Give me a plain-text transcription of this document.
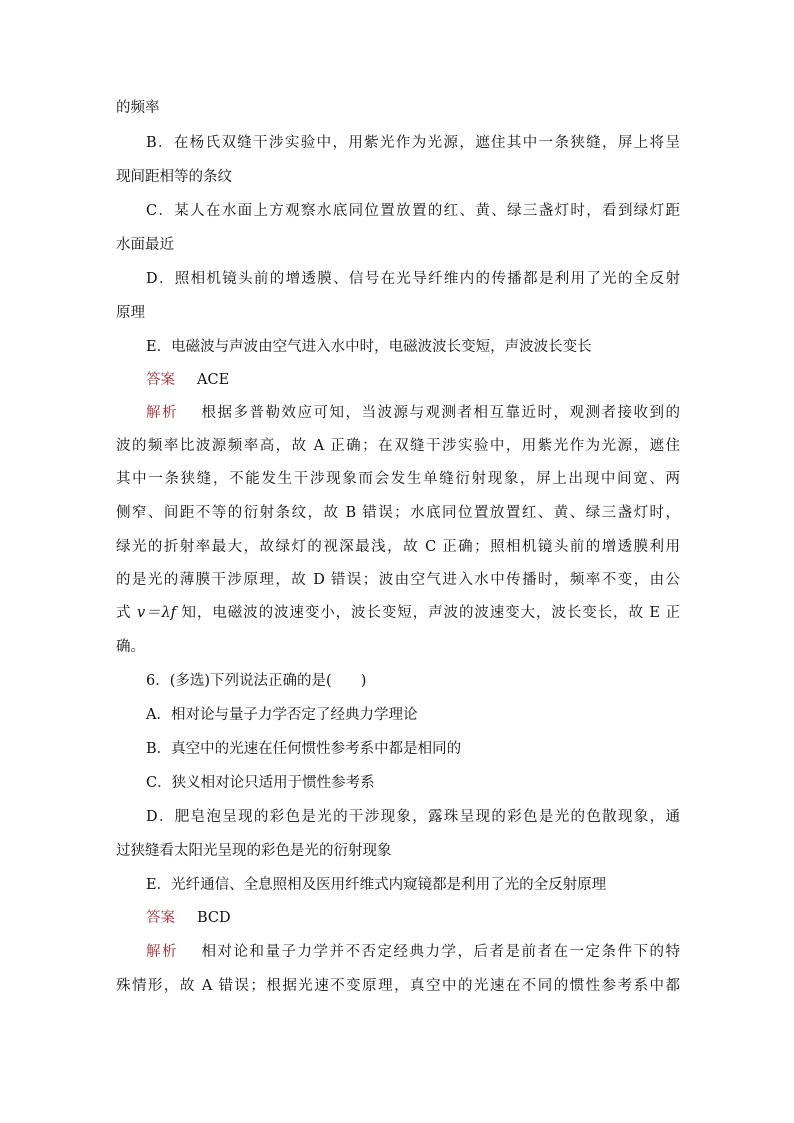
的频率
B．在杨氏双缝干涉实验中，用紫光作为光源，遮住其中一条狭缝，屏上将呈
现间距相等的条纹
C．某人在水面上方观察水底同位置放置的红、黄、绿三盏灯时，看到绿灯距
水面最近
D．照相机镜头前的增透膜、信号在光导纤维内的传播都是利用了光的全反射
原理
E．电磁波与声波由空气进入水中时，电磁波波长变短，声波波长变长
答案 ACE
解析 根据多普勒效应可知，当波源与观测者相互靠近时，观测者接收到的
波的频率比波源频率高，故 A 正确；在双缝干涉实验中，用紫光作为光源，遮住
其中一条狭缝，不能发生干涉现象而会发生单缝衍射现象，屏上出现中间宽、两
侧窄、间距不等的衍射条纹，故 B 错误；水底同位置放置红、黄、绿三盏灯时，
绿光的折射率最大，故绿灯的视深最浅，故 C 正确；照相机镜头前的增透膜利用
的是光的薄膜干涉原理，故 D 错误；波由空气进入水中传播时，频率不变，由公
式 v＝λf 知，电磁波的波速变小，波长变短，声波的波速变大，波长变长，故 E 正
确。
6．(多选)下列说法正确的是(　　)
A．相对论与量子力学否定了经典力学理论
B．真空中的光速在任何惯性参考系中都是相同的
C．狭义相对论只适用于惯性参考系
D．肥皂泡呈现的彩色是光的干涉现象，露珠呈现的彩色是光的色散现象，通
过狭缝看太阳光呈现的彩色是光的衍射现象
E．光纤通信、全息照相及医用纤维式内窥镜都是利用了光的全反射原理
答案 BCD
解析 相对论和量子力学并不否定经典力学，后者是前者在一定条件下的特
殊情形，故 A 错误；根据光速不变原理，真空中的光速在不同的惯性参考系中都
